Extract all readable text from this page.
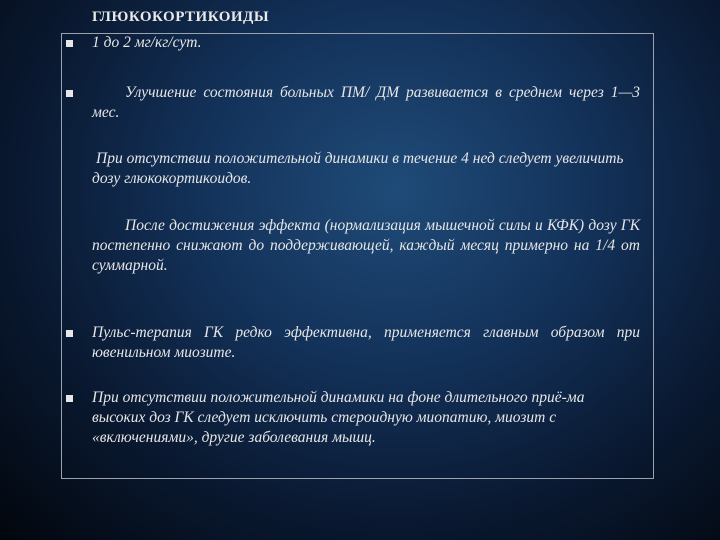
ГЛЮКОКОРТИКОИДЫ
1 до 2 мг/кг/сут.
Улучшение состояния больных ПМ/ ДМ развивается в среднем через 1—3 мес.
При отсутствии положительной динамики в течение 4 нед следует увеличить дозу глюкокортикоидов.
После достижения эффекта (нормализация мышечной силы и КФК) дозу ГК постепенно снижают до поддерживающей, каждый месяц примерно на 1/4 от суммарной.
Пульс-терапия ГК редко эффективна, применяется главным образом при ювенильном миозите.
При отсутствии положительной динамики на фоне длительного приё-ма высоких доз ГК следует исключить стероидную миопатию, миозит с «включениями», другие заболевания мышц.
